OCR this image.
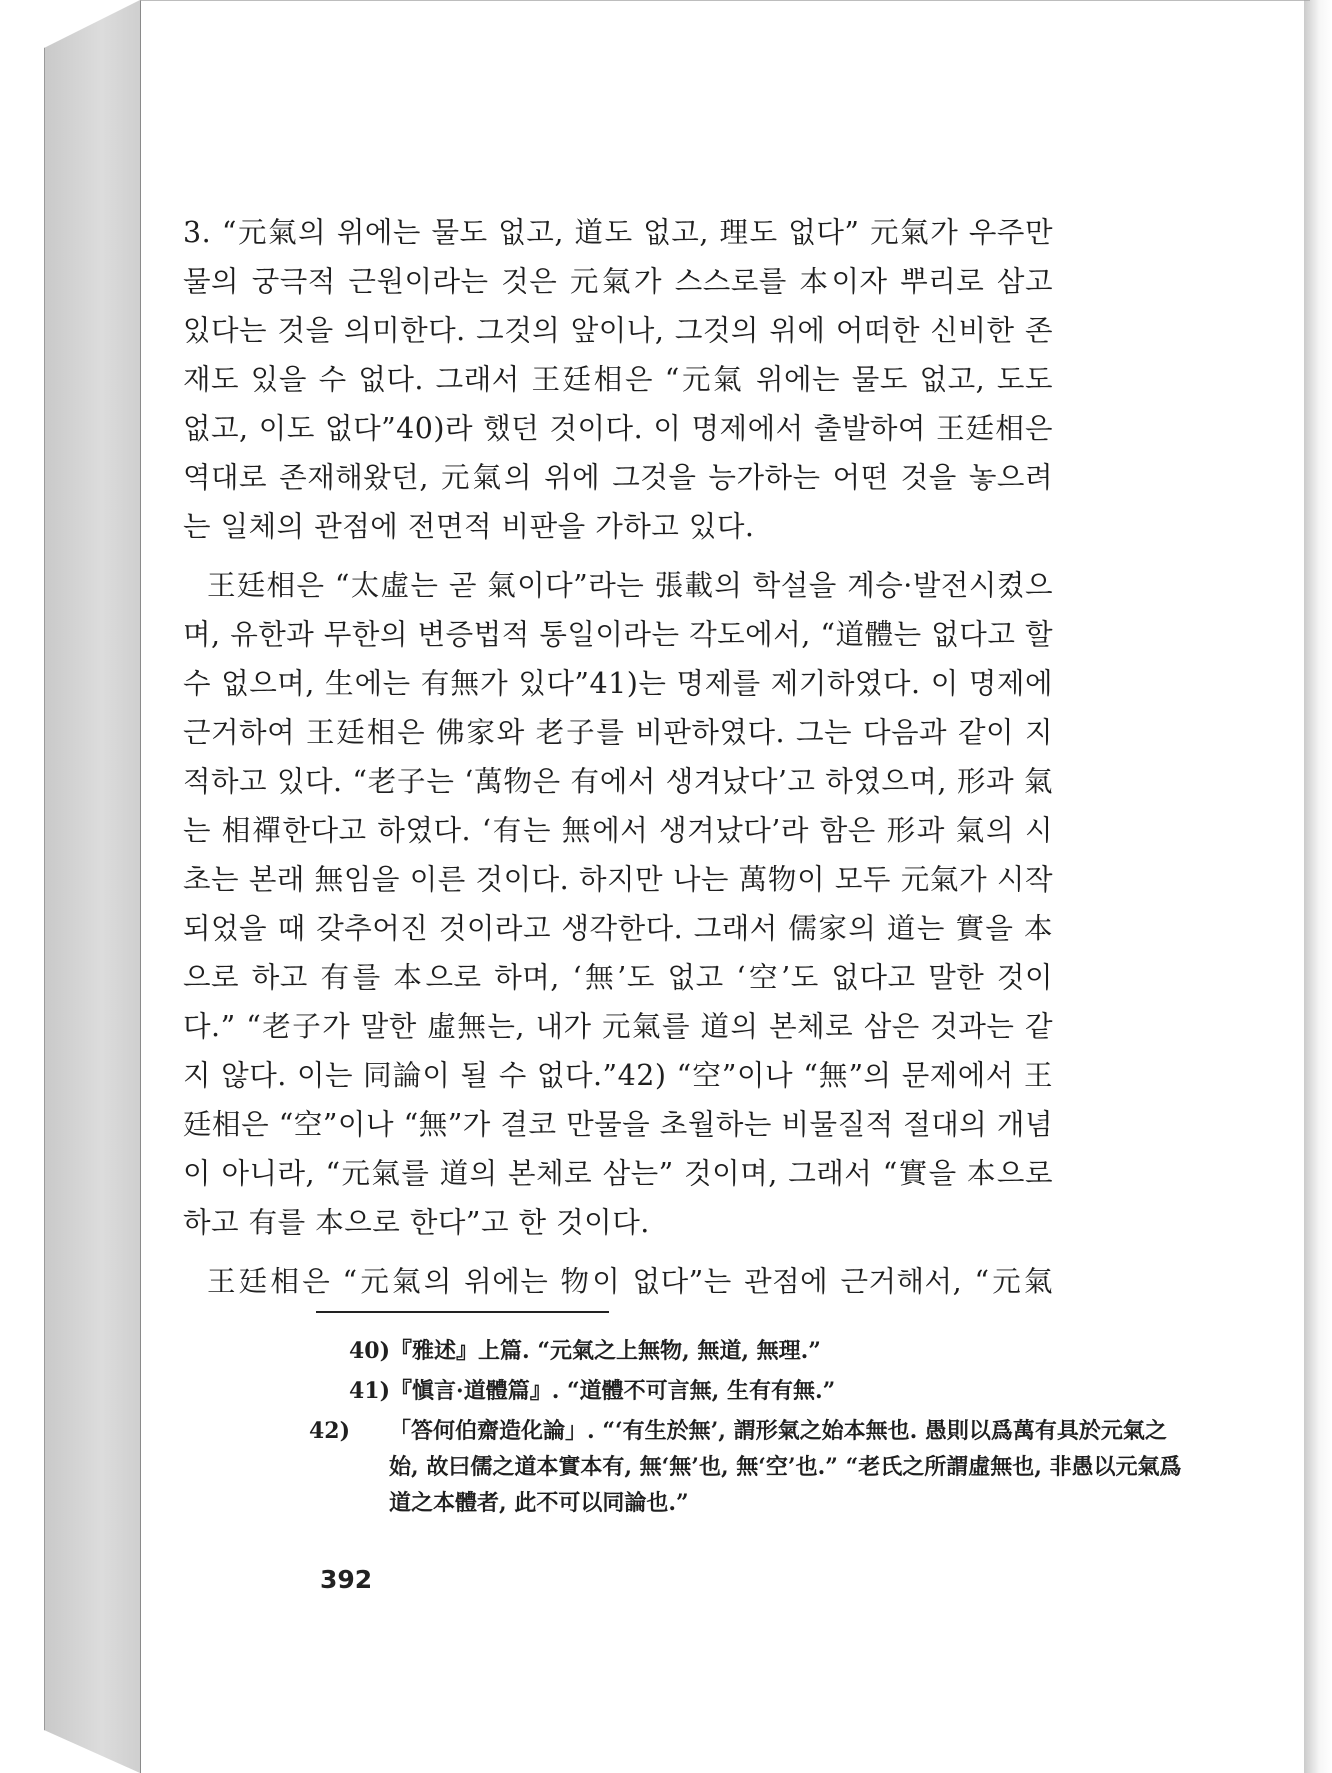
3. “元氣의 위에는 물도 없고, 道도 없고, 理도 없다” 元氣가 우주만물의 궁극적 근원이라는 것은 元氣가 스스로를 本이자 뿌리로 삼고 있다는 것을 의미한다. 그것의 앞이나, 그것의 위에 어떠한 신비한 존재도 있을 수 없다. 그래서 王廷相은 “元氣 위에는 물도 없고, 도도 없고, 이도 없다”40)라 했던 것이다. 이 명제에서 출발하여 王廷相은 역대로 존재해왔던, 元氣의 위에 그것을 능가하는 어떤 것을 놓으려는 일체의 관점에 전면적 비판을 가하고 있다.

王廷相은 “太虛는 곧 氣이다”라는 張載의 학설을 계승·발전시켰으며, 유한과 무한의 변증법적 통일이라는 각도에서, “道體는 없다고 할 수 없으며, 生에는 有無가 있다”41)는 명제를 제기하였다. 이 명제에 근거하여 王廷相은 佛家와 老子를 비판하였다. 그는 다음과 같이 지적하고 있다. “老子는 ‘萬物은 有에서 생겨났다’고 하였으며, 形과 氣는 相禪한다고 하였다. ‘有는 無에서 생겨났다’라 함은 形과 氣의 시초는 본래 無임을 이른 것이다. 하지만 나는 萬物이 모두 元氣가 시작되었을 때 갖추어진 것이라고 생각한다. 그래서 儒家의 道는 實을 本으로 하고 有를 本으로 하며, ‘無’도 없고 ‘空’도 없다고 말한 것이다.” “老子가 말한 虛無는, 내가 元氣를 道의 본체로 삼은 것과는 같지 않다. 이는 同論이 될 수 없다.”42) “空”이나 “無”의 문제에서 王廷相은 “空”이나 “無”가 결코 만물을 초월하는 비물질적 절대의 개념이 아니라, “元氣를 道의 본체로 삼는” 것이며, 그래서 “實을 本으로 하고 有를 本으로 한다”고 한 것이다.

王廷相은 “元氣의 위에는 物이 없다”는 관점에 근거해서, “元氣

40)『雅述』上篇. “元氣之上無物, 無道, 無理.”
41)『愼言·道體篇』. “道體不可言無, 生有有無.”
42) 「答何伯齋造化論」. “‘有生於無’, 謂形氣之始本無也. 愚則以爲萬有具於元氣之始, 故曰儒之道本實本有, 無‘無’也, 無‘空’也.” “老氏之所謂虛無也, 非愚以元氣爲道之本體者, 此不可以同論也.”
392
